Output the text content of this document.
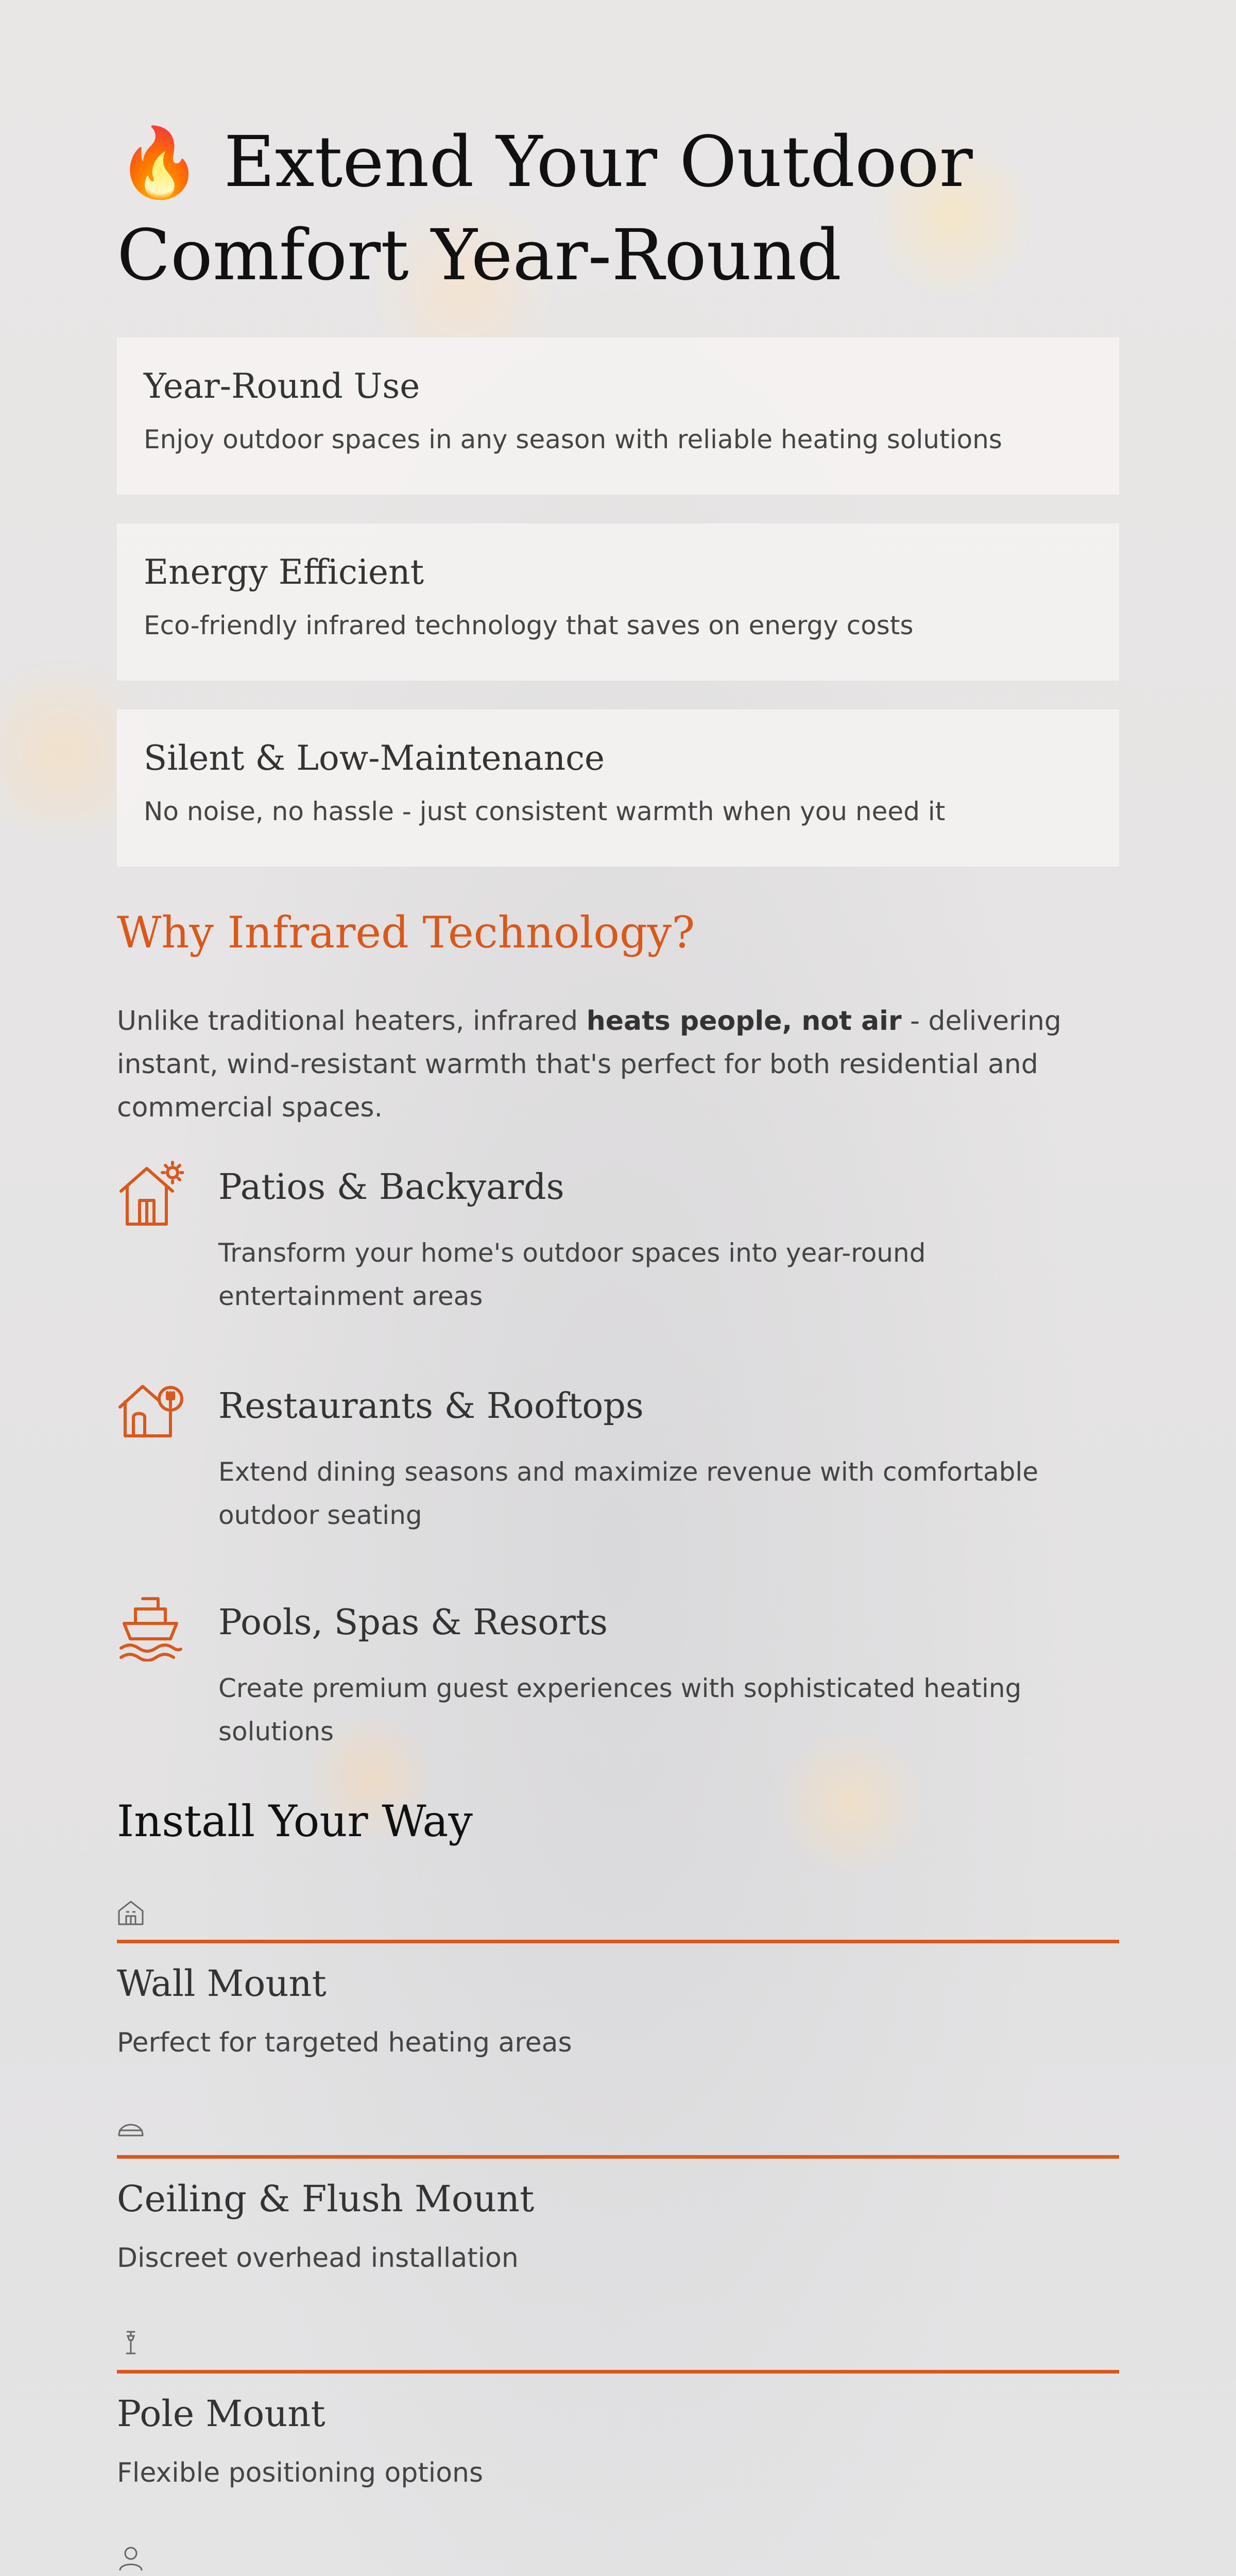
🔥 Extend Your Outdoor Comfort Year-Round
Year-Round Use

Enjoy outdoor spaces in any season with reliable heating solutions

Energy Efficient

Eco-friendly infrared technology that saves on energy costs

Silent & Low-Maintenance

No noise, no hassle - just consistent warmth when you need it

Why Infrared Technology?

Unlike traditional heaters, infrared heats people, not air - delivering instant, wind-resistant warmth that's perfect for both residential and commercial spaces.

Patios & Backyards

Transform your home's outdoor spaces into year-round entertainment areas

Restaurants & Rooftops

Extend dining seasons and maximize revenue with comfortable outdoor seating

Pools, Spas & Resorts

Create premium guest experiences with sophisticated heating solutions

Install Your Way
Wall Mount

Perfect for targeted heating areas

Ceiling & Flush Mount

Discreet overhead installation

Pole Mount

Flexible positioning options
